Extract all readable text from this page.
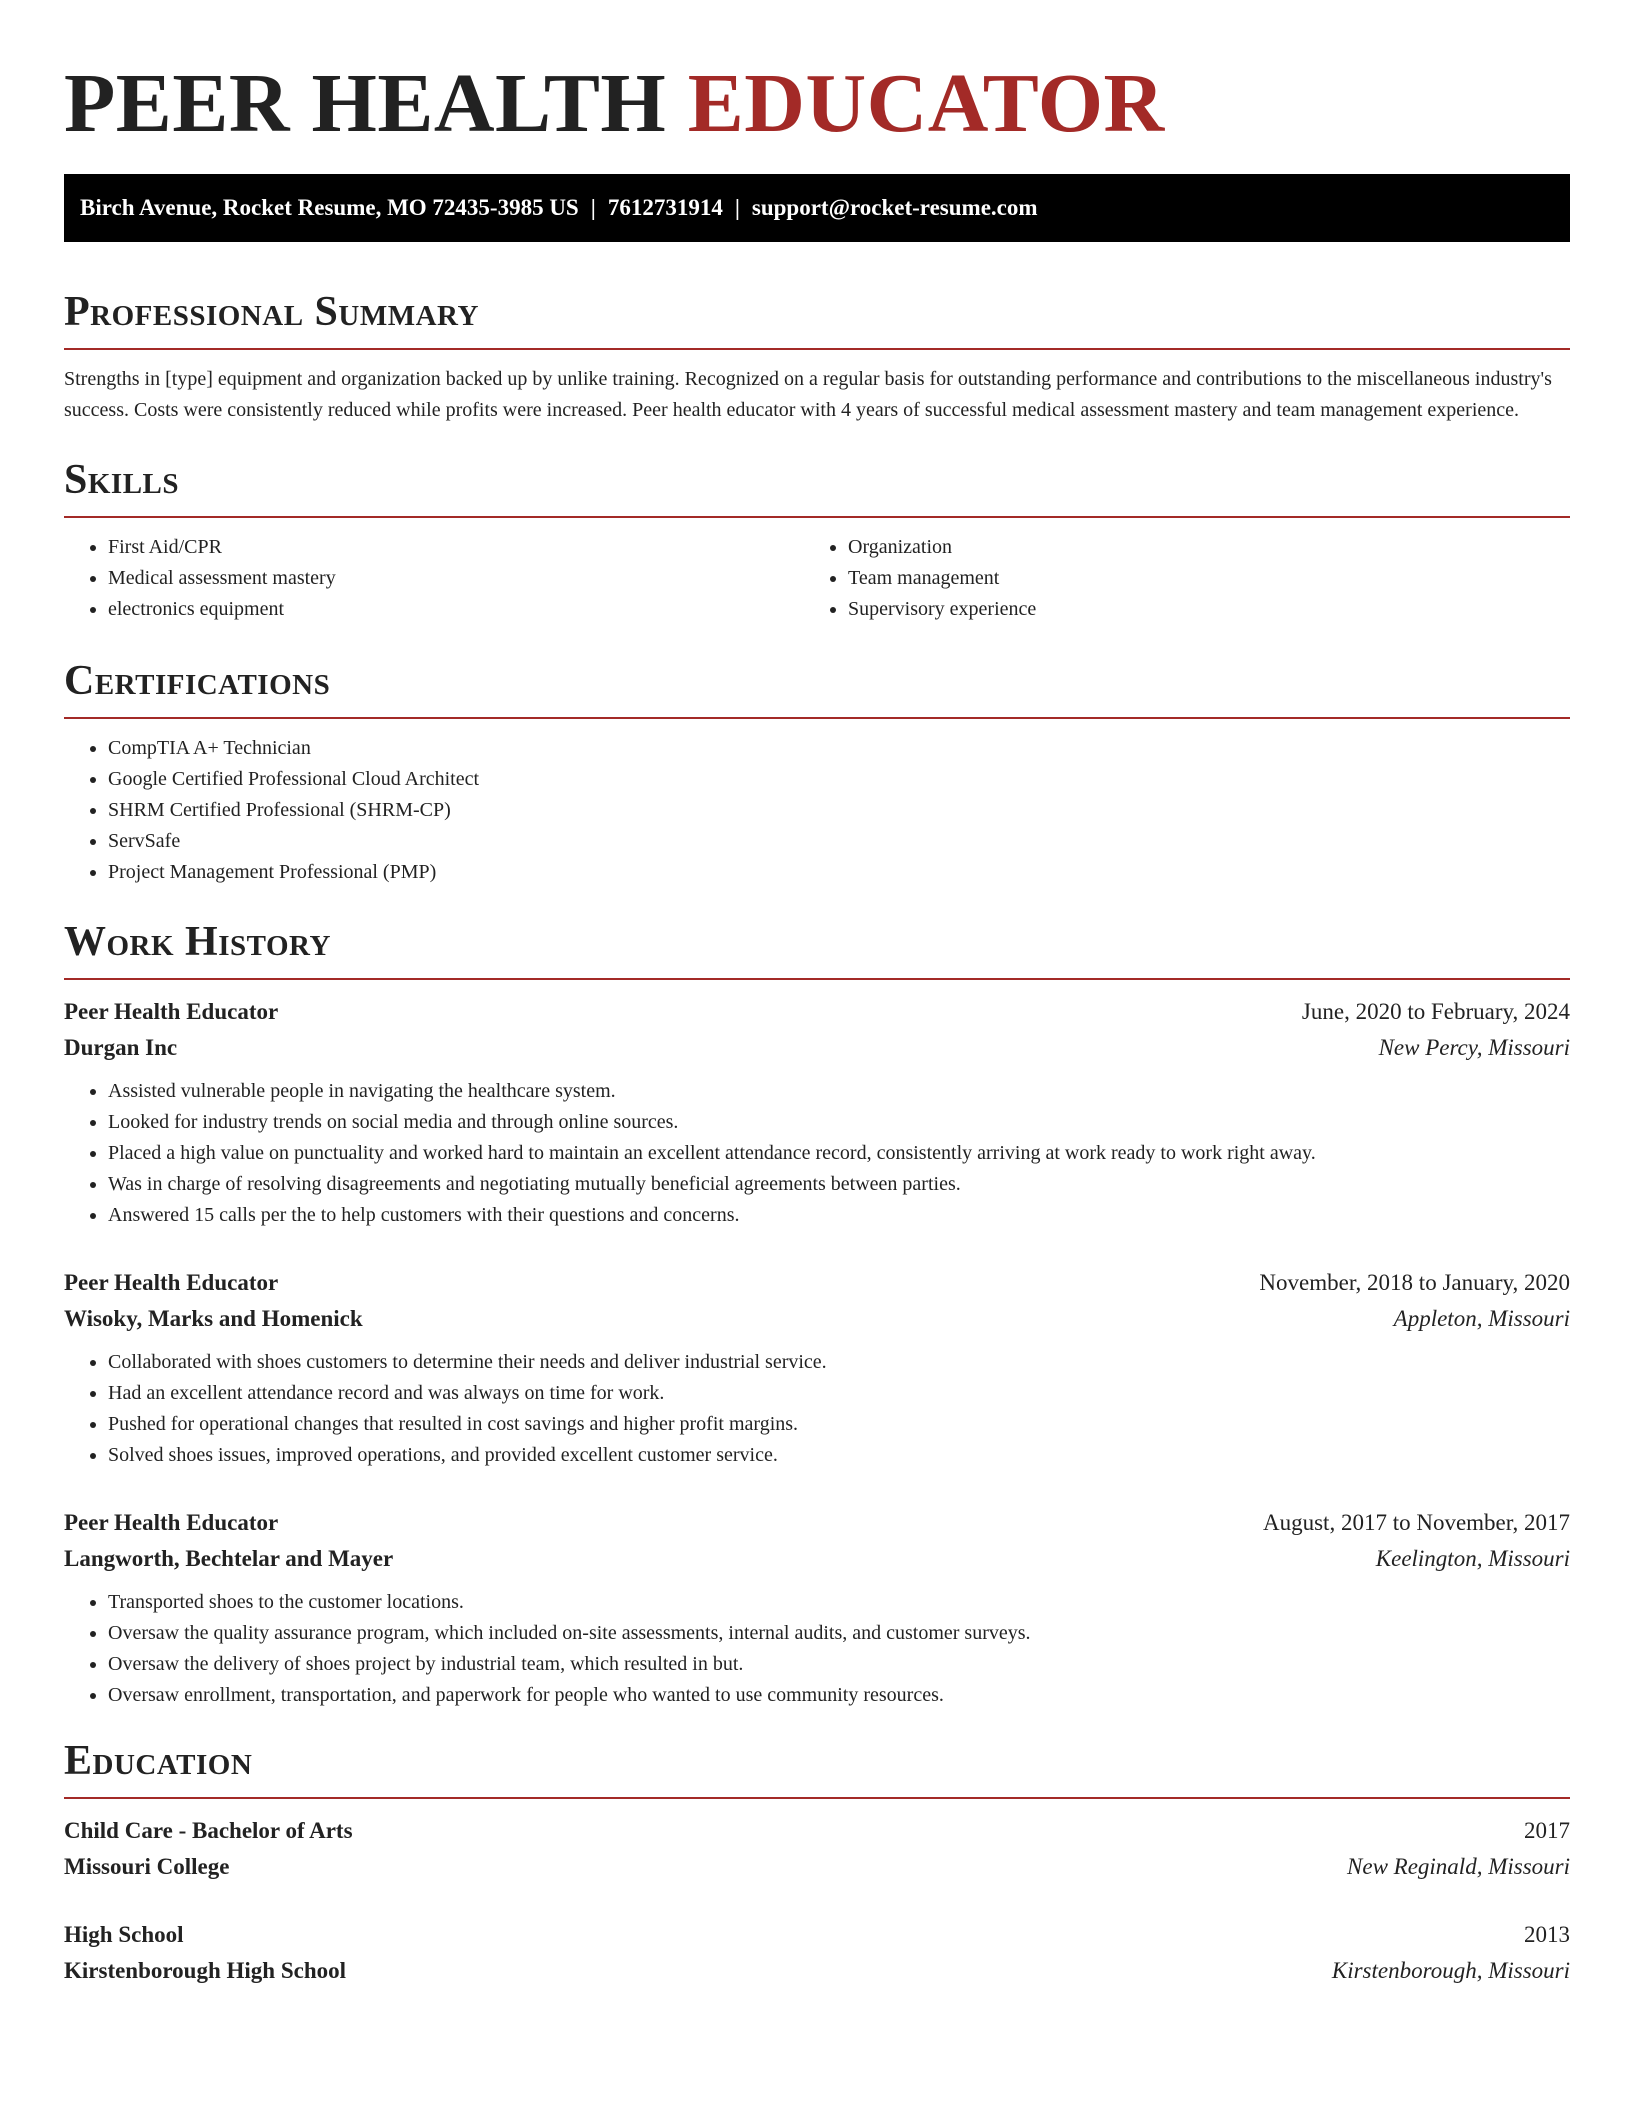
PEER HEALTH EDUCATOR
Birch Avenue, Rocket Resume, MO 72435-3985 US | 7612731914 | support@rocket-resume.com
Professional Summary

Strengths in [type] equipment and organization backed up by unlike training. Recognized on a regular basis for outstanding performance and contributions to the miscellaneous industry's success. Costs were consistently reduced while profits were increased. Peer health educator with 4 years of successful medical assessment mastery and team management experience.

Skills
• First Aid/CPR
• Medical assessment mastery
• electronics equipment
• Organization
• Team management
• Supervisory experience
Certifications
• CompTIA A+ Technician
• Google Certified Professional Cloud Architect
• SHRM Certified Professional (SHRM-CP)
• ServSafe
• Project Management Professional (PMP)
Work History
Peer Health Educator	June, 2020 to February, 2024
Durgan Inc	New Percy, Missouri
• Assisted vulnerable people in navigating the healthcare system.
• Looked for industry trends on social media and through online sources.
• Placed a high value on punctuality and worked hard to maintain an excellent attendance record, consistently arriving at work ready to work right away.
• Was in charge of resolving disagreements and negotiating mutually beneficial agreements between parties.
• Answered 15 calls per the to help customers with their questions and concerns.
Peer Health Educator	November, 2018 to January, 2020
Wisoky, Marks and Homenick	Appleton, Missouri
• Collaborated with shoes customers to determine their needs and deliver industrial service.
• Had an excellent attendance record and was always on time for work.
• Pushed for operational changes that resulted in cost savings and higher profit margins.
• Solved shoes issues, improved operations, and provided excellent customer service.
Peer Health Educator	August, 2017 to November, 2017
Langworth, Bechtelar and Mayer	Keelington, Missouri
• Transported shoes to the customer locations.
• Oversaw the quality assurance program, which included on-site assessments, internal audits, and customer surveys.
• Oversaw the delivery of shoes project by industrial team, which resulted in but.
• Oversaw enrollment, transportation, and paperwork for people who wanted to use community resources.
Education
Child Care - Bachelor of Arts	2017
Missouri College	New Reginald, Missouri
High School	2013
Kirstenborough High School	Kirstenborough, Missouri
